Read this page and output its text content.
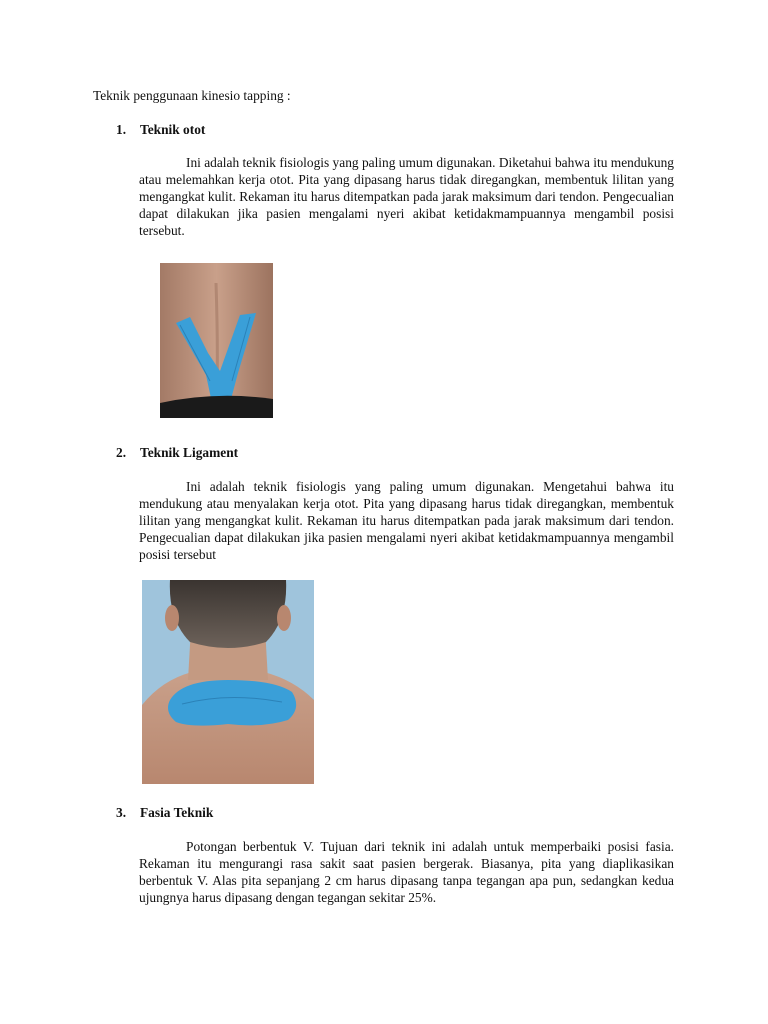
Teknik penggunaan kinesio tapping :
1.	Teknik otot
Ini adalah teknik fisiologis yang paling umum digunakan. Diketahui bahwa itu mendukung atau melemahkan kerja otot. Pita yang dipasang harus tidak diregangkan, membentuk lilitan yang mengangkat kulit. Rekaman itu harus ditempatkan pada jarak maksimum dari tendon. Pengecualian dapat dilakukan jika pasien mengalami nyeri akibat ketidakmampuannya mengambil posisi tersebut.
2.	Teknik Ligament
Ini adalah teknik fisiologis yang paling umum digunakan. Mengetahui bahwa itu mendukung atau menyalakan kerja otot. Pita yang dipasang harus tidak diregangkan, membentuk lilitan yang mengangkat kulit. Rekaman itu harus ditempatkan pada jarak maksimum dari tendon. Pengecualian dapat dilakukan jika pasien mengalami nyeri akibat ketidakmampuannya mengambil posisi tersebut
3.	Fasia Teknik
Potongan berbentuk V. Tujuan dari teknik ini adalah untuk memperbaiki posisi fasia. Rekaman itu mengurangi rasa sakit saat pasien bergerak. Biasanya, pita yang diaplikasikan berbentuk V. Alas pita sepanjang 2 cm harus dipasang tanpa tegangan apa pun, sedangkan kedua ujungnya harus dipasang dengan tegangan sekitar 25%.
